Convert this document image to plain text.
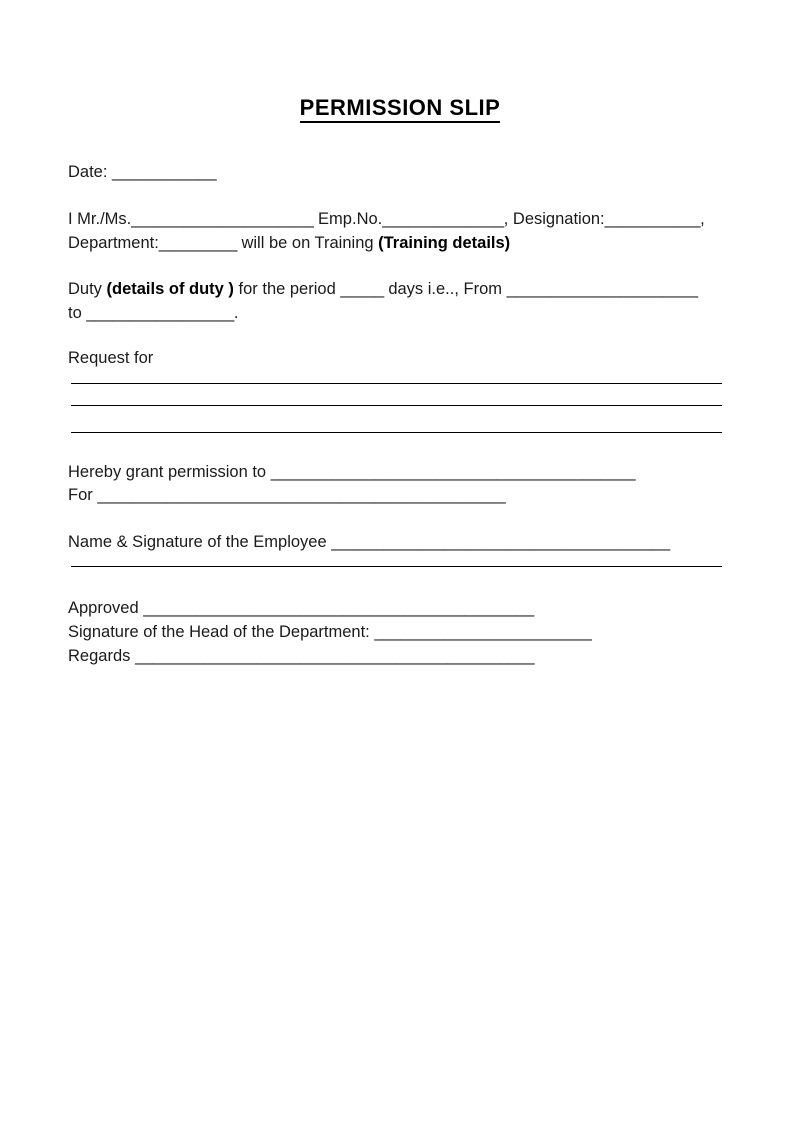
PERMISSION SLIP
Date: ____________
I Mr./Ms._____________________ Emp.No.______________, Designation:___________,
Department:_________ will be on Training (Training details)
Duty (details of duty ) for the period _____ days i.e.., From ______________________
to _________________.
Request for
Hereby grant permission to __________________________________________
For _______________________________________________
Name & Signature of the Employee _______________________________________
Approved _____________________________________________
Signature of the Head of the Department: _________________________
Regards ______________________________________________
